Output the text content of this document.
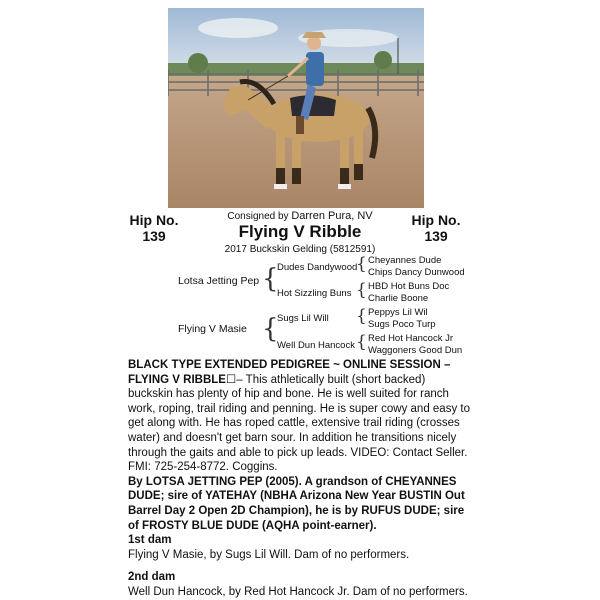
Hip No.
139
Hip No.
139
Consigned by Darren Pura, NV
Flying V Ribble
2017 Buckskin Gelding (5812591)
Lotsa Jetting Pep
Flying V Masie
{
{
Dudes Dandywood
Hot Sizzling Buns
Sugs Lil Will
Well Dun Hancock
{
{
{
{
Cheyannes Dude
Chips Dancy Dunwood
HBD Hot Buns Doc
Charlie Boone
Peppys Lil Wil
Sugs Poco Turp
Red Hot Hancock Jr
Waggoners Good Dun

BLACK TYPE EXTENDED PEDIGREE ~ ONLINE SESSION – FLYING V RIBBLE☐– This athletically built (short backed) buckskin has plenty of hip and bone. He is well suited for ranch work, roping, trail riding and penning. He is super cowy and easy to get along with. He has roped cattle, extensive trail riding (crosses water) and doesn't get barn sour. In addition he transitions nicely through the gaits and able to pick up leads. VIDEO: Contact Seller. FMI: 725-254-8772. Coggins.

By LOTSA JETTING PEP (2005). A grandson of CHEYANNES DUDE; sire of YATEHAY (NBHA Arizona New Year BUSTIN Out Barrel Day 2 Open 2D Champion), he is by RUFUS DUDE; sire of FROSTY BLUE DUDE (AQHA point-earner).

1st dam

Flying V Masie, by Sugs Lil Will. Dam of no performers.

2nd dam

Well Dun Hancock, by Red Hot Hancock Jr. Dam of no performers.
